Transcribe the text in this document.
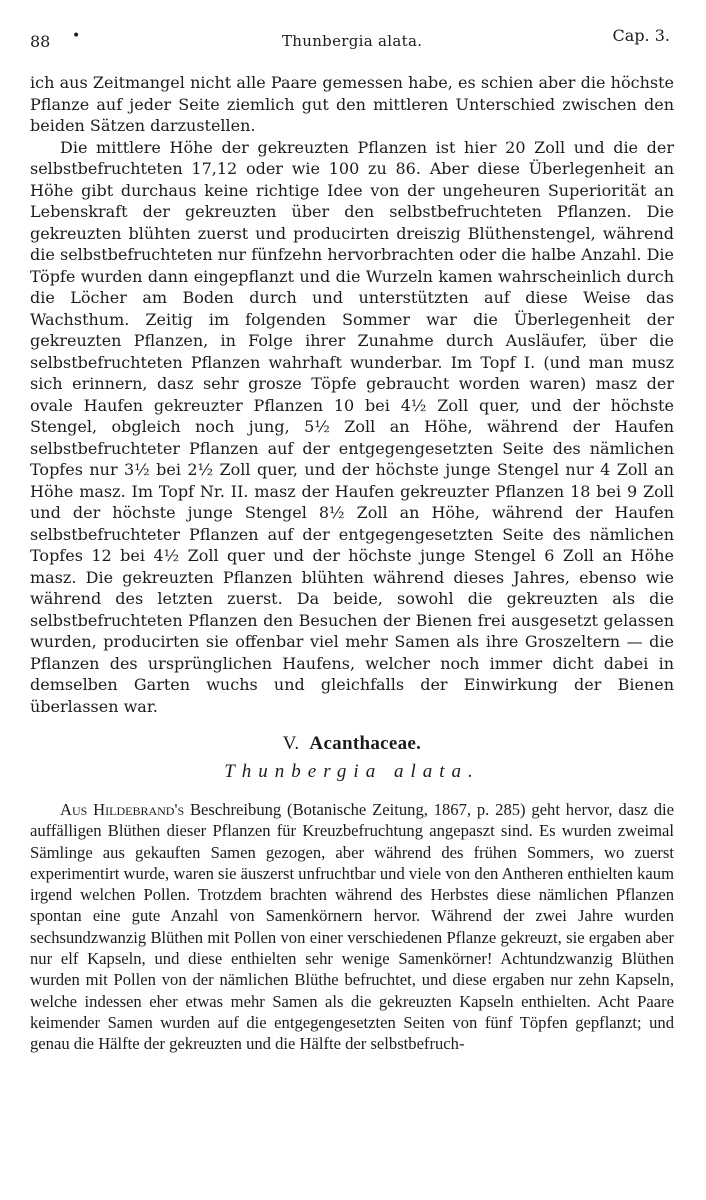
88 •	Thunbergia alata.	Cap. 3.

ich aus Zeitmangel nicht alle Paare gemessen habe, es schien aber die höchste Pflanze auf jeder Seite ziemlich gut den mittleren Unterschied zwischen den beiden Sätzen darzustellen.

Die mittlere Höhe der gekreuzten Pflanzen ist hier 20 Zoll und die der selbstbefruchteten 17,12 oder wie 100 zu 86. Aber diese Überlegenheit an Höhe gibt durchaus keine richtige Idee von der ungeheuren Superiorität an Lebenskraft der gekreuzten über den selbstbefruchteten Pflanzen. Die gekreuzten blühten zuerst und producirten dreiszig Blüthenstengel, während die selbstbefruchteten nur fünfzehn hervorbrachten oder die halbe Anzahl. Die Töpfe wurden dann eingepflanzt und die Wurzeln kamen wahrscheinlich durch die Löcher am Boden durch und unterstützten auf diese Weise das Wachsthum. Zeitig im folgenden Sommer war die Überlegenheit der gekreuzten Pflanzen, in Folge ihrer Zunahme durch Ausläufer, über die selbstbefruchteten Pflanzen wahrhaft wunderbar. Im Topf I. (und man musz sich erinnern, dasz sehr grosze Töpfe gebraucht worden waren) masz der ovale Haufen gekreuzter Pflanzen 10 bei 4½ Zoll quer, und der höchste Stengel, obgleich noch jung, 5½ Zoll an Höhe, während der Haufen selbstbefruchteter Pflanzen auf der entgegengesetzten Seite des nämlichen Topfes nur 3½ bei 2½ Zoll quer, und der höchste junge Stengel nur 4 Zoll an Höhe masz. Im Topf Nr. II. masz der Haufen gekreuzter Pflanzen 18 bei 9 Zoll und der höchste junge Stengel 8½ Zoll an Höhe, während der Haufen selbstbefruchteter Pflanzen auf der entgegengesetzten Seite des nämlichen Topfes 12 bei 4½ Zoll quer und der höchste junge Stengel 6 Zoll an Höhe masz. Die gekreuzten Pflanzen blühten während dieses Jahres, ebenso wie während des letzten zuerst. Da beide, sowohl die gekreuzten als die selbstbefruchteten Pflanzen den Besuchen der Bienen frei ausgesetzt gelassen wurden, producirten sie offenbar viel mehr Samen als ihre Groszeltern — die Pflanzen des ursprünglichen Haufens, welcher noch immer dicht dabei in demselben Garten wuchs und gleichfalls der Einwirkung der Bienen überlassen war.

V. Acanthaceae.
Thunbergia alata.

Aus Hildebrand's Beschreibung (Botanische Zeitung, 1867, p. 285) geht hervor, dasz die auffälligen Blüthen dieser Pflanzen für Kreuzbefruchtung angepaszt sind. Es wurden zweimal Sämlinge aus gekauften Samen gezogen, aber während des frühen Sommers, wo zuerst experimentirt wurde, waren sie äuszerst unfruchtbar und viele von den Antheren enthielten kaum irgend welchen Pollen. Trotzdem brachten während des Herbstes diese nämlichen Pflanzen spontan eine gute Anzahl von Samenkörnern hervor. Während der zwei Jahre wurden sechsundzwanzig Blüthen mit Pollen von einer verschiedenen Pflanze gekreuzt, sie ergaben aber nur elf Kapseln, und diese enthielten sehr wenige Samenkörner! Achtundzwanzig Blüthen wurden mit Pollen von der nämlichen Blüthe befruchtet, und diese ergaben nur zehn Kapseln, welche indessen eher etwas mehr Samen als die gekreuzten Kapseln enthielten. Acht Paare keimender Samen wurden auf die entgegengesetzten Seiten von fünf Töpfen gepflanzt; und genau die Hälfte der gekreuzten und die Hälfte der selbstbefruch-
